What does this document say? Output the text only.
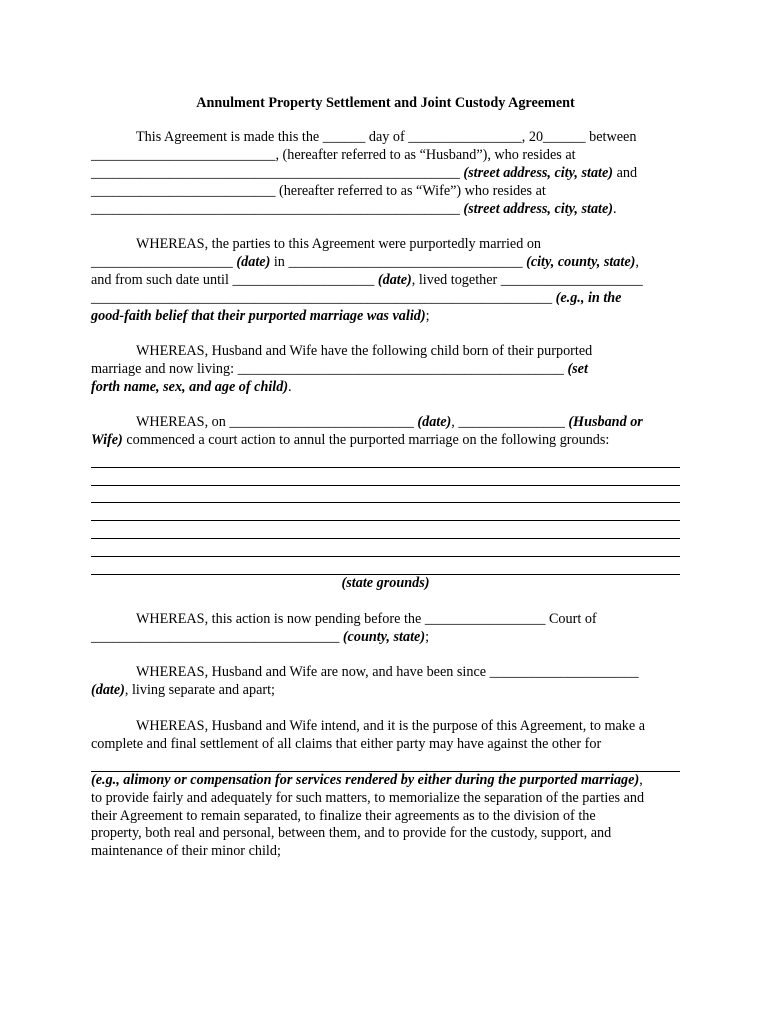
Annulment Property Settlement and Joint Custody Agreement
This Agreement is made this the ______ day of ________________, 20______ between
__________________________, (hereafter referred to as “Husband”), who resides at
____________________________________________________ (street address, city, state) and
__________________________ (hereafter referred to as “Wife”) who resides at
____________________________________________________ (street address, city, state).
WHEREAS, the parties to this Agreement were purportedly married on
____________________ (date) in _________________________________ (city, county, state),
and from such date until ____________________ (date), lived together ____________________
_________________________________________________________________ (e.g., in the
good-faith belief that their purported marriage was valid);
WHEREAS, Husband and Wife have the following child born of their purported
marriage and now living: ______________________________________________ (set
forth name, sex, and age of child).
WHEREAS, on __________________________ (date), _______________ (Husband or
Wife) commenced a court action to annul the purported marriage on the following grounds:
(state grounds)
WHEREAS, this action is now pending before the _________________ Court of
___________________________________ (county, state);
WHEREAS, Husband and Wife are now, and have been since _____________________
(date), living separate and apart;
WHEREAS, Husband and Wife intend, and it is the purpose of this Agreement, to make a
complete and final settlement of all claims that either party may have against the other for
(e.g., alimony or compensation for services rendered by either during the purported marriage),
to provide fairly and adequately for such matters, to memorialize the separation of the parties and
their Agreement to remain separated, to finalize their agreements as to the division of the
property, both real and personal, between them, and to provide for the custody, support, and
maintenance of their minor child;
